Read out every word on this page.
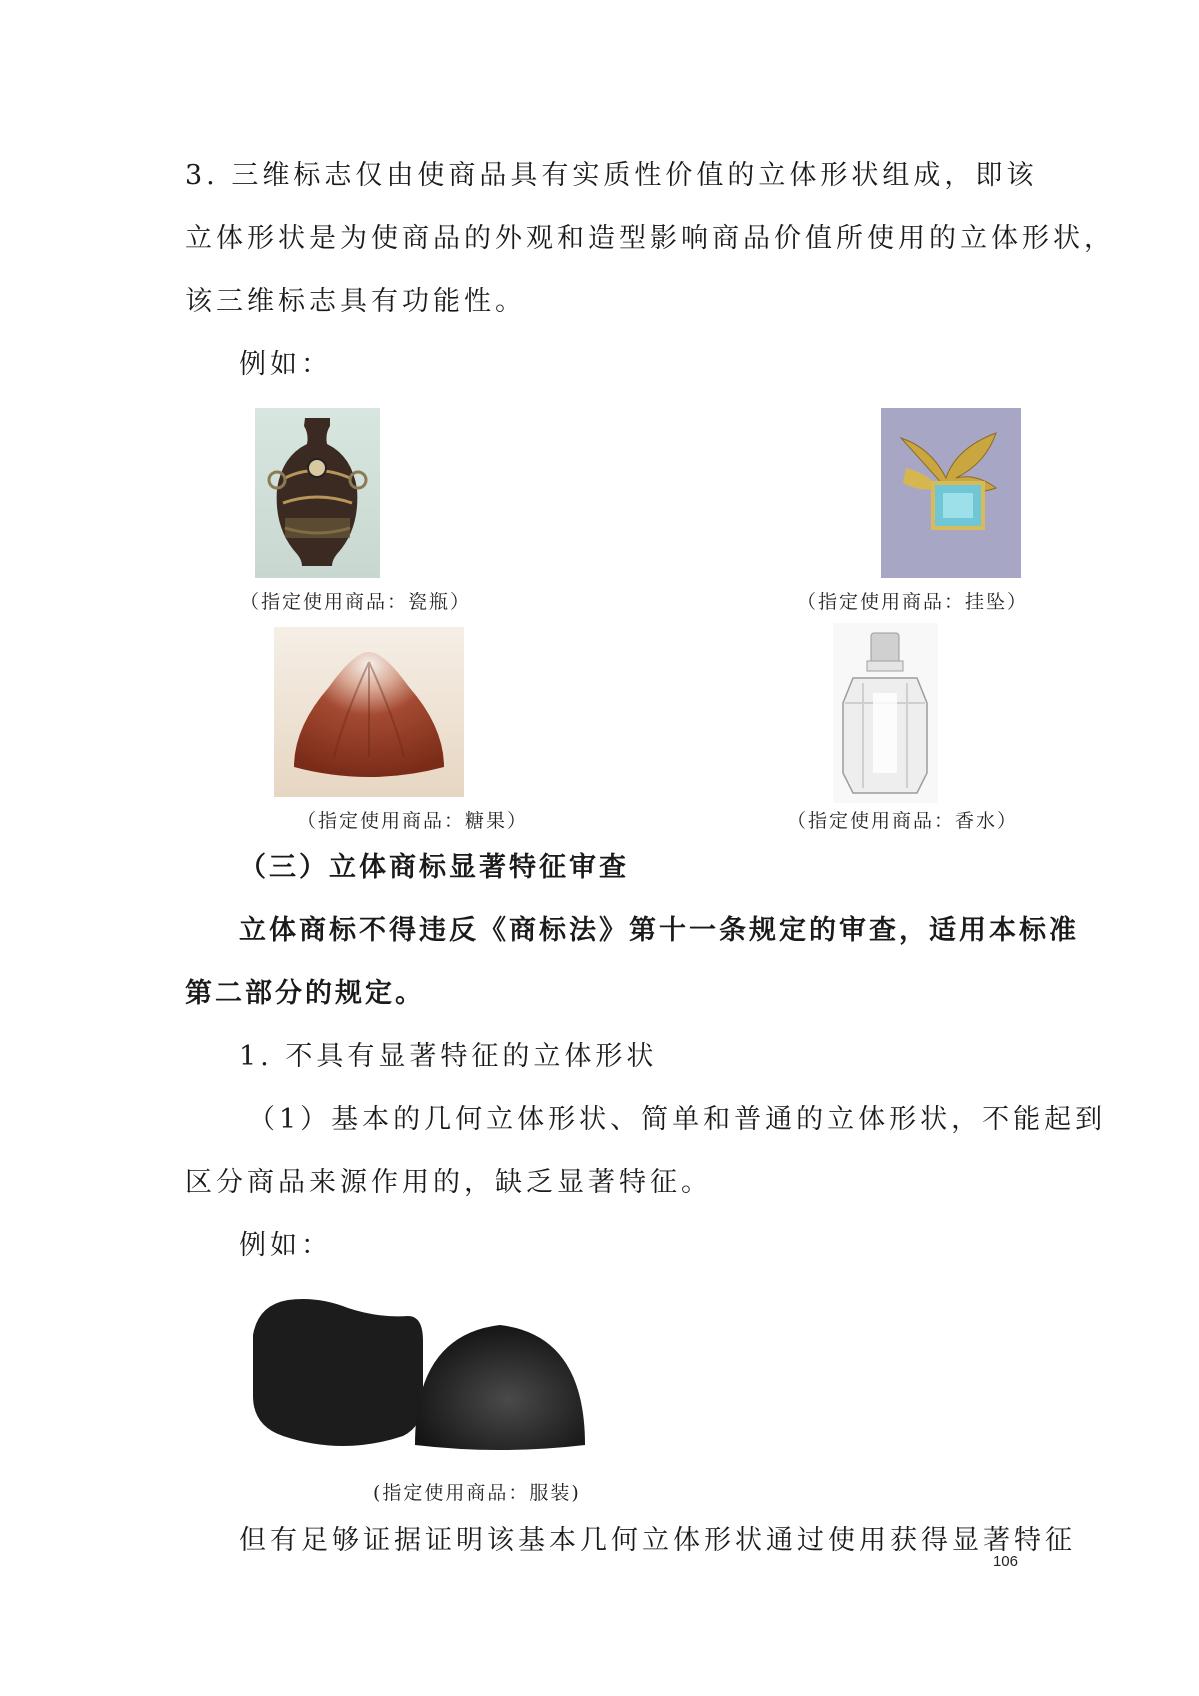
3. 三维标志仅由使商品具有实质性价值的立体形状组成，即该
立体形状是为使商品的外观和造型影响商品价值所使用的立体形状，
该三维标志具有功能性。
例如：
（指定使用商品：瓷瓶）	（指定使用商品：挂坠）
（指定使用商品：糖果）	（指定使用商品：香水）
（三）立体商标显著特征审查
立体商标不得违反《商标法》第十一条规定的审查，适用本标准
第二部分的规定。
1. 不具有显著特征的立体形状
（1）基本的几何立体形状、简单和普通的立体形状，不能起到
区分商品来源作用的，缺乏显著特征。
例如：
(指定使用商品：服装)
但有足够证据证明该基本几何立体形状通过使用获得显著特征
106
